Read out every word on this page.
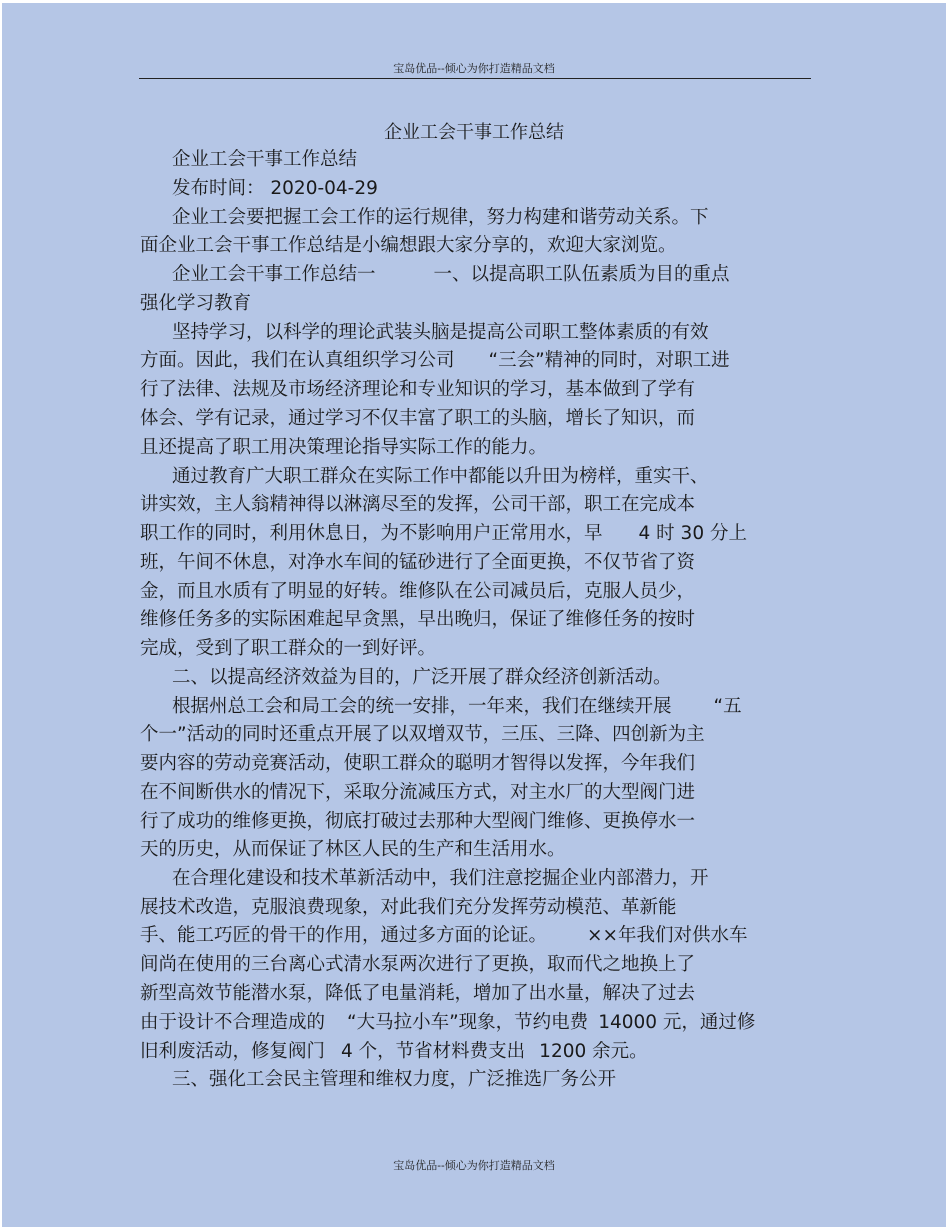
宝岛优品--倾心为你打造精品文档
企业工会干事工作总结
企业工会干事工作总结
发布时间： 2020-04-29
企业工会要把握工会工作的运行规律，努力构建和谐劳动关系。下
面企业工会干事工作总结是小编想跟大家分享的，欢迎大家浏览。
企业工会干事工作总结一	一、以提高职工队伍素质为目的重点
强化学习教育
坚持学习，以科学的理论武装头脑是提高公司职工整体素质的有效
方面。因此，我们在认真组织学习公司 “三会”精神的同时，对职工进
行了法律、法规及市场经济理论和专业知识的学习，基本做到了学有
体会、学有记录，通过学习不仅丰富了职工的头脑，增长了知识，而
且还提高了职工用决策理论指导实际工作的能力。
通过教育广大职工群众在实际工作中都能以升田为榜样，重实干、
讲实效，主人翁精神得以淋漓尽至的发挥，公司干部，职工在完成本
职工作的同时，利用休息日，为不影响用户正常用水，早 4 时 30 分上
班，午间不休息，对净水车间的锰砂进行了全面更换，不仅节省了资
金，而且水质有了明显的好转。维修队在公司减员后，克服人员少，
维修任务多的实际困难起早贪黑，早出晚归，保证了维修任务的按时
完成，受到了职工群众的一到好评。
二、以提高经济效益为目的，广泛开展了群众经济创新活动。
根据州总工会和局工会的统一安排，一年来，我们在继续开展 “五
个一”活动的同时还重点开展了以双增双节，三压、三降、四创新为主
要内容的劳动竞赛活动，使职工群众的聪明才智得以发挥，今年我们
在不间断供水的情况下，采取分流减压方式，对主水厂的大型阀门进
行了成功的维修更换，彻底打破过去那种大型阀门维修、更换停水一
天的历史，从而保证了林区人民的生产和生活用水。
在合理化建设和技术革新活动中，我们注意挖掘企业内部潜力，开
展技术改造，克服浪费现象，对此我们充分发挥劳动模范、革新能
手、能工巧匠的骨干的作用，通过多方面的论证。 ××年我们对供水车
间尚在使用的三台离心式清水泵两次进行了更换，取而代之地换上了
新型高效节能潜水泵，降低了电量消耗，增加了出水量，解决了过去
由于设计不合理造成的 “大马拉小车”现象，节约电费 14000 元，通过修
旧利废活动，修复阀门 4 个，节省材料费支出 1200 余元。
三、强化工会民主管理和维权力度，广泛推选厂务公开
宝岛优品--倾心为你打造精品文档
